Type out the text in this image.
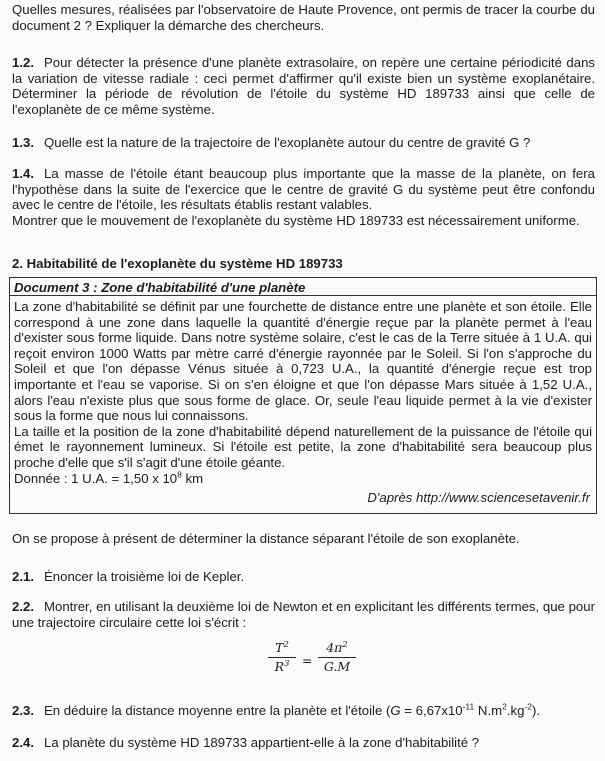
Quelles mesures, réalisées par l'observatoire de Haute Provence, ont permis de tracer la courbe du document 2 ? Expliquer la démarche des chercheurs.

1.2. Pour détecter la présence d'une planète extrasolaire, on repère une certaine périodicité dans la variation de vitesse radiale : ceci permet d'affirmer qu'il existe bien un système exoplanétaire. Déterminer la période de révolution de l'étoile du système HD 189733 ainsi que celle de l'exoplanète de ce même système.

1.3. Quelle est la nature de la trajectoire de l'exoplanète autour du centre de gravité G ?

1.4. La masse de l'étoile étant beaucoup plus importante que la masse de la planète, on fera l'hypothèse dans la suite de l'exercice que le centre de gravité G du système peut être confondu avec le centre de l'étoile, les résultats établis restant valables.
Montrer que le mouvement de l'exoplanète du système HD 189733 est nécessairement uniforme.

2. Habitabilité de l'exoplanète du système HD 189733

Document 3 : Zone d'habitabilité d'une planète

La zone d'habitabilité se définit par une fourchette de distance entre une planète et son étoile. Elle correspond à une zone dans laquelle la quantité d'énergie reçue par la planète permet à l'eau d'exister sous forme liquide. Dans notre système solaire, c'est le cas de la Terre située à 1 U.A. qui reçoit environ 1000 Watts par mètre carré d'énergie rayonnée par le Soleil. Si l'on s'approche du Soleil et que l'on dépasse Vénus située à 0,723 U.A., la quantité d'énergie reçue est trop importante et l'eau se vaporise. Si on s'en éloigne et que l'on dépasse Mars située à 1,52 U.A., alors l'eau n'existe plus que sous forme de glace. Or, seule l'eau liquide permet à la vie d'exister sous la forme que nous lui connaissons.

La taille et la position de la zone d'habitabilité dépend naturellement de la puissance de l'étoile qui émet le rayonnement lumineux. Si l'étoile est petite, la zone d'habitabilité sera beaucoup plus proche d'elle que s'il s'agit d'une étoile géante.

Donnée : 1 U.A. = 1,50 x $10^8$ km

D'après http://www.sciencesetavenir.fr

On se propose à présent de déterminer la distance séparant l'étoile de son exoplanète.

2.1. Énoncer la troisième loi de Kepler.

2.2. Montrer, en utilisant la deuxième loi de Newton et en explicitant les différents termes, que pour une trajectoire circulaire cette loi s'écrit :

$T^2$
$R^3$	=
$4\pi^2$
G.M

2.3. En déduire la distance moyenne entre la planète et l'étoile ($G = 6,67x10^{-11}$ $N.m^2.kg^{-2}$).

2.4. La planète du système HD 189733 appartient-elle à la zone d'habitabilité ?
